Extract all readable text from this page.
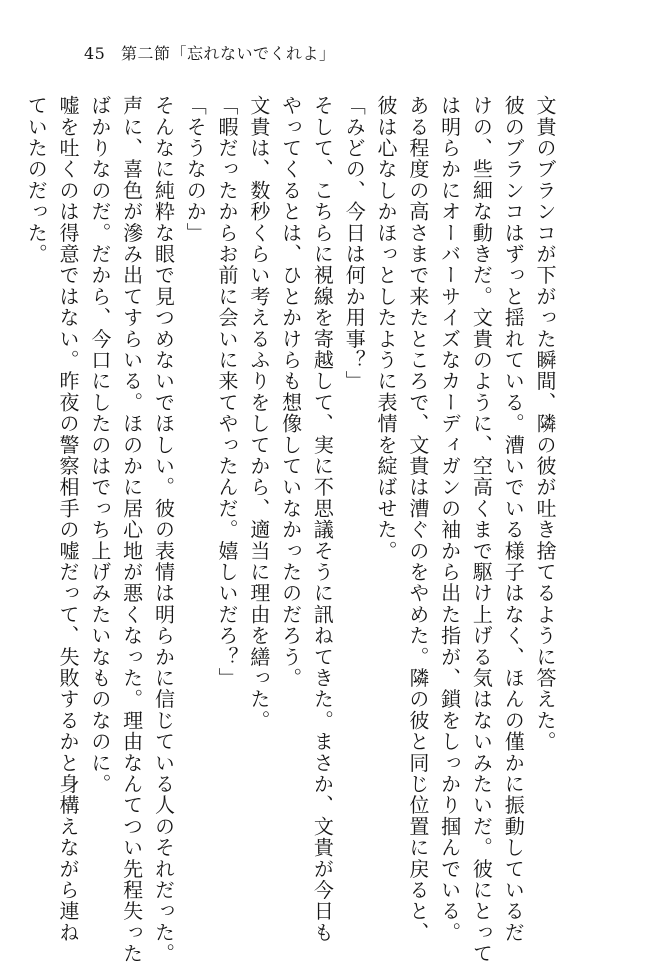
45 第二節「忘れないでくれよ」

文貴のブランコが下がった瞬間、隣の彼が吐き捨てるように答えた。

彼のブランコはずっと揺れている。漕いでいる様子はなく、ほんの僅かに振動しているだ

けの、些細な動きだ。文貴のように、空高くまで駆け上げる気はないみたいだ。彼にとって

は明らかにオーバーサイズなカーディガンの袖から出た指が、鎖をしっかり掴んでいる。

ある程度の高さまで来たところで、文貴は漕ぐのをやめた。隣の彼と同じ位置に戻ると、

彼は心なしかほっとしたように表情を綻ばせた。

「みどの、今日は何か用事？」

そして、こちらに視線を寄越して、実に不思議そうに訊ねてきた。まさか、文貴が今日も

やってくるとは、ひとかけらも想像していなかったのだろう。

文貴は、数秒くらい考えるふりをしてから、適当に理由を繕った。

「暇だったからお前に会いに来てやったんだ。嬉しいだろ？」

「そうなのか」

そんなに純粋な眼で見つめないでほしい。彼の表情は明らかに信じている人のそれだった。

声に、喜色が滲み出てすらいる。ほのかに居心地が悪くなった。理由なんてつい先程失った

ばかりなのだ。だから、今口にしたのはでっち上げみたいなものなのに。

嘘を吐くのは得意ではない。昨夜の警察相手の嘘だって、失敗するかと身構えながら連ね

ていたのだった。
